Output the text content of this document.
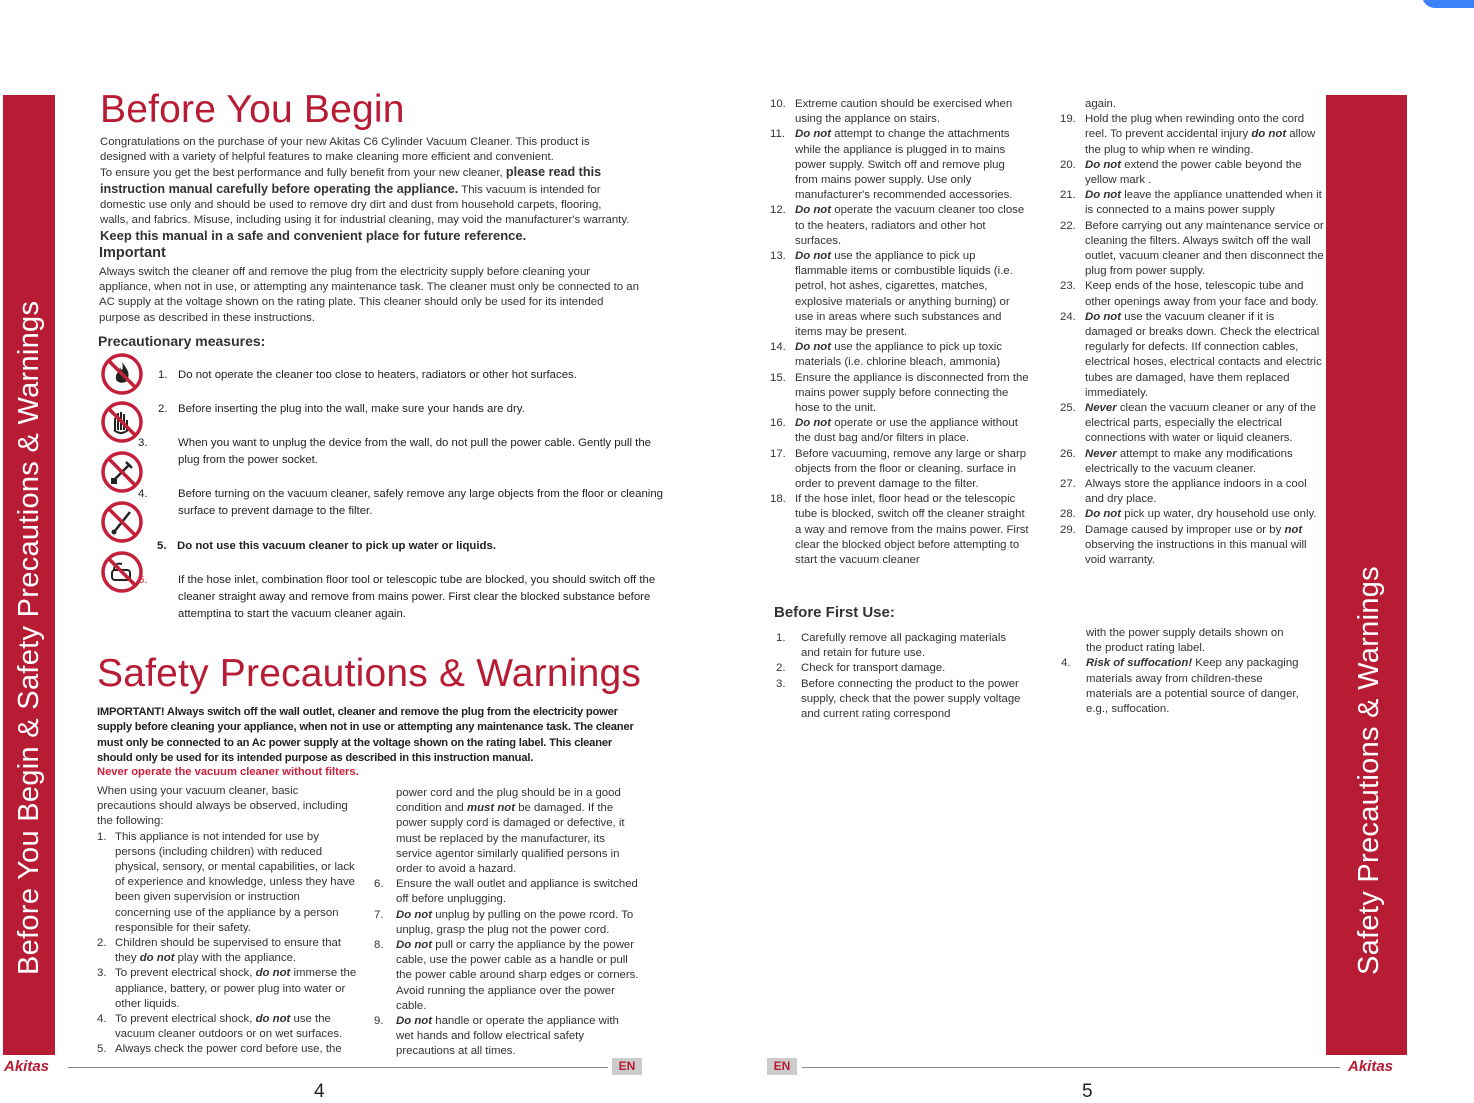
Before You Begin & Safety Precautions & Warnings	Safety Precautions & Warnings
Before You Begin
Congratulations on the purchase of your new Akitas C6 Cylinder Vacuum Cleaner. This product is
designed with a variety of helpful features to make cleaning more efficient and convenient.
To ensure you get the best performance and fully benefit from your new cleaner, please read this
instruction manual carefully before operating the appliance. This vacuum is intended for
domestic use only and should be used to remove dry dirt and dust from household carpets, flooring,
walls, and fabrics. Misuse, including using it for industrial cleaning, may void the manufacturer's warranty.
Keep this manual in a safe and convenient place for future reference.
Important
Always switch the cleaner off and remove the plug from the electricity supply before cleaning your appliance, when not in use, or attempting any maintenance task. The cleaner must only be connected to an AC supply at the voltage shown on the rating plate. This cleaner should only be used for its intended purpose as described in these instructions.
Precautionary measures:
1. Do not operate the cleaner too close to heaters, radiators or other hot surfaces.
2. Before inserting the plug into the wall, make sure your hands are dry.
3.	When you want to unplug the device from the wall, do not pull the power cable. Gently pull the plug from the power socket.
4.	Before turning on the vacuum cleaner, safely remove any large objects from the floor or cleaning surface to prevent damage to the filter.
5. Do not use this vacuum cleaner to pick up water or liquids.
6.	If the hose inlet, combination floor tool or telescopic tube are blocked, you should switch off the cleaner straight away and remove from mains power. First clear the blocked substance before attemptina to start the vacuum cleaner again.
Safety Precautions & Warnings
IMPORTANT! Always switch off the wall outlet, cleaner and remove the plug from the electricity power supply before cleaning your appliance, when not in use or attempting any maintenance task. The cleaner must only be connected to an Ac power supply at the voltage shown on the rating label. This cleaner should only be used for its intended purpose as described in this instruction manual.
Never operate the vacuum cleaner without filters.
When using your vacuum cleaner, basic precautions should always be observed, including the following:
1. This appliance is not intended for use by persons (including children) with reduced physical, sensory, or mental capabilities, or lack of experience and knowledge, unless they have been given supervision or instruction concerning use of the appliance by a person responsible for their safety.
2. Children should be supervised to ensure that they do not play with the appliance.
3. To prevent electrical shock, do not immerse the appliance, battery, or power plug into water or other liquids.
4. To prevent electrical shock, do not use the vacuum cleaner outdoors or on wet surfaces.
5. Always check the power cord before use, the
power cord and the plug should be in a good condition and must not be damaged. If the power supply cord is damaged or defective, it must be replaced by the manufacturer, its service agentor similarly qualified persons in order to avoid a hazard.
6. Ensure the wall outlet and appliance is switched off before unplugging.
7. Do not unplug by pulling on the powe rcord. To unplug, grasp the plug not the power cord.
8. Do not pull or carry the appliance by the power cable, use the power cable as a handle or pull the power cable around sharp edges or corners. Avoid running the appliance over the power cable.
9. Do not handle or operate the appliance with wet hands and follow electrical safety precautions at all times.
Akitas	EN
4
10. Extreme caution should be exercised when using the applance on stairs.
11. Do not attempt to change the attachments while the appliance is plugged in to mains power supply. Switch off and remove plug from mains power supply. Use only manufacturer's recommended accessories.
12. Do not operate the vacuum cleaner too close to the heaters, radiators and other hot surfaces.
13. Do not use the appliance to pick up flammable items or combustible liquids (i.e. petrol, hot ashes, cigarettes, matches, explosive materials or anything burning) or use in areas where such substances and items may be present.
14. Do not use the appliance to pick up toxic materials (i.e. chlorine bleach, ammonia)
15. Ensure the appliance is disconnected from the mains power supply before connecting the hose to the unit.
16. Do not operate or use the appliance without the dust bag and/or filters in place.
17. Before vacuuming, remove any large or sharp objects from the floor or cleaning. surface in order to prevent damage to the filter.
18. If the hose inlet, floor head or the telescopic tube is blocked, switch off the cleaner straight a way and remove from the mains power. First clear the blocked object before attempting to start the vacuum cleaner
again.
19. Hold the plug when rewinding onto the cord reel. To prevent accidental injury do not allow the plug to whip when re winding.
20. Do not extend the power cable beyond the yellow mark .
21. Do not leave the appliance unattended when it is connected to a mains power supply
22. Before carrying out any maintenance service or cleaning the filters. Always switch off the wall outlet, vacuum cleaner and then disconnect the plug from power supply.
23. Keep ends of the hose, telescopic tube and other openings away from your face and body.
24. Do not use the vacuum cleaner if it is damaged or breaks down. Check the electrical regularly for defects. IIf connection cables, electrical hoses, electrical contacts and electric tubes are damaged, have them replaced immediately.
25. Never clean the vacuum cleaner or any of the electrical parts, especially the electrical connections with water or liquid cleaners.
26. Never attempt to make any modifications electrically to the vacuum cleaner.
27. Always store the appliance indoors in a cool and dry place.
28. Do not pick up water, dry household use only.
29. Damage caused by improper use or by not observing the instructions in this manual will void warranty.
Before First Use:
1. Carefully remove all packaging materials and retain for future use.
2. Check for transport damage.
3. Before connecting the product to the power supply, check that the power supply voltage and current rating correspond
with the power supply details shown on the product rating label.
4. Risk of suffocation! Keep any packaging materials away from children-these materials are a potential source of danger, e.g., suffocation.
EN	Akitas
5
